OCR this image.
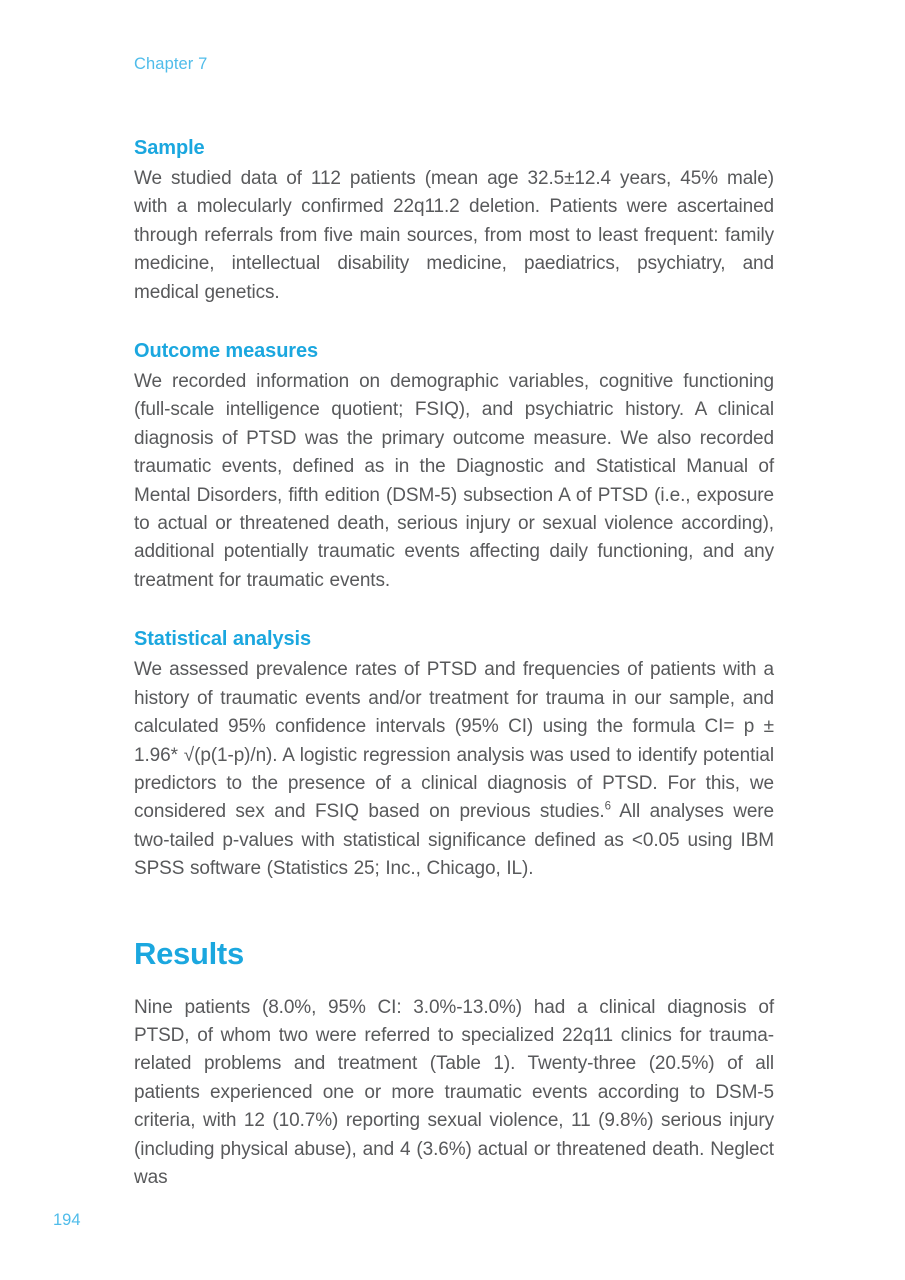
Chapter 7
Sample

We studied data of 112 patients (mean age 32.5±12.4 years, 45% male) with a molecularly confirmed 22q11.2 deletion. Patients were ascertained through referrals from five main sources, from most to least frequent: family medicine, intellectual disability medicine, paediatrics, psychiatry, and medical genetics.

Outcome measures

We recorded information on demographic variables, cognitive functioning (full-scale intelligence quotient; FSIQ), and psychiatric history. A clinical diagnosis of PTSD was the primary outcome measure. We also recorded traumatic events, defined as in the Diagnostic and Statistical Manual of Mental Disorders, fifth edition (DSM-5) subsection A of PTSD (i.e., exposure to actual or threatened death, serious injury or sexual violence according), additional potentially traumatic events affecting daily functioning, and any treatment for traumatic events.

Statistical analysis

We assessed prevalence rates of PTSD and frequencies of patients with a history of traumatic events and/or treatment for trauma in our sample, and calculated 95% confidence intervals (95% CI) using the formula CI= p ± 1.96* √(p(1-p)/n). A logistic regression analysis was used to identify potential predictors to the presence of a clinical diagnosis of PTSD. For this, we considered sex and FSIQ based on previous studies.$^6$ All analyses were two-tailed p-values with statistical significance defined as <0.05 using IBM SPSS software (Statistics 25; Inc., Chicago, IL).

Results

Nine patients (8.0%, 95% CI: 3.0%-13.0%) had a clinical diagnosis of PTSD, of whom two were referred to specialized 22q11 clinics for trauma-related problems and treatment (Table 1). Twenty-three (20.5%) of all patients experienced one or more traumatic events according to DSM-5 criteria, with 12 (10.7%) reporting sexual violence, 11 (9.8%) serious injury (including physical abuse), and 4 (3.6%) actual or threatened death. Neglect was

194
